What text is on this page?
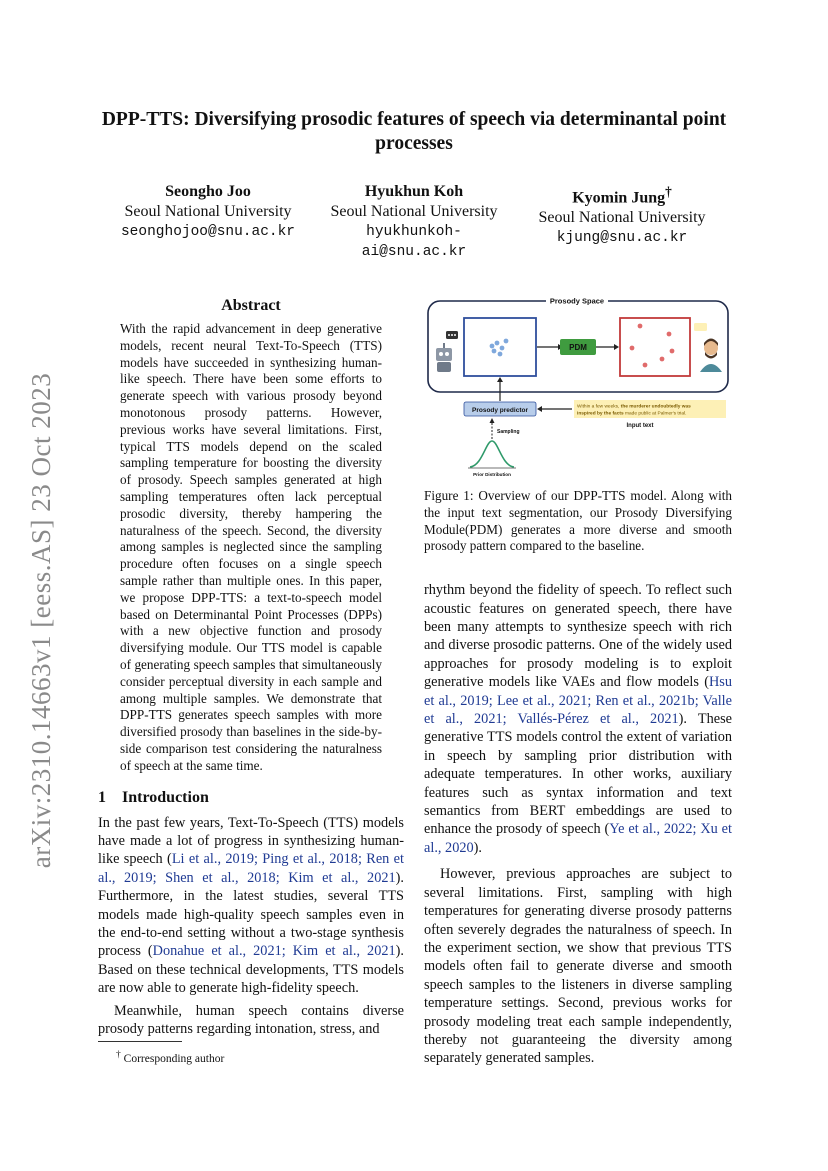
arXiv:2310.14663v1 [eess.AS] 23 Oct 2023
DPP-TTS: Diversifying prosodic features of speech via determinantal point processes
Seongho Joo
Seoul National University
seonghojoo@snu.ac.kr
Hyukhun Koh
Seoul National University
hyukhunkoh-ai@snu.ac.kr
Kyomin Jung†
Seoul National University
kjung@snu.ac.kr
Abstract

With the rapid advancement in deep generative models, recent neural Text-To-Speech (TTS) models have succeeded in synthesizing human-like speech. There have been some efforts to generate speech with various prosody beyond monotonous prosody patterns. However, previous works have several limitations. First, typical TTS models depend on the scaled sampling temperature for boosting the diversity of prosody. Speech samples generated at high sampling temperatures often lack perceptual prosodic diversity, thereby hampering the naturalness of the speech. Second, the diversity among samples is neglected since the sampling procedure often focuses on a single speech sample rather than multiple ones. In this paper, we propose DPP-TTS: a text-to-speech model based on Determinantal Point Processes (DPPs) with a new objective function and prosody diversifying module. Our TTS model is capable of generating speech samples that simultaneously consider perceptual diversity in each sample and among multiple samples. We demonstrate that DPP-TTS generates speech samples with more diversified prosody than baselines in the side-by-side comparison test considering the naturalness of speech at the same time.

1 Introduction

In the past few years, Text-To-Speech (TTS) models have made a lot of progress in synthesizing human-like speech (Li et al., 2019; Ping et al., 2018; Ren et al., 2019; Shen et al., 2018; Kim et al., 2021). Furthermore, in the latest studies, several TTS models made high-quality speech samples even in the end-to-end setting without a two-stage synthesis process (Donahue et al., 2021; Kim et al., 2021). Based on these technical developments, TTS models are now able to generate high-fidelity speech.

Meanwhile, human speech contains diverse prosody patterns regarding intonation, stress, and

† Corresponding author

Prosody Space
PDM
Prosody predictor	Within a few weeks, the murderer undoubtedly was
inspired by the facts made public at Palmer's trial.
Input text
Sampling
Prior Distribution

Figure 1: Overview of our DPP-TTS model. Along with the input text segmentation, our Prosody Diversifying Module(PDM) generates a more diverse and smooth prosody pattern compared to the baseline.

rhythm beyond the fidelity of speech. To reflect such acoustic features on generated speech, there have been many attempts to synthesize speech with rich and diverse prosodic patterns. One of the widely used approaches for prosody modeling is to exploit generative models like VAEs and flow models (Hsu et al., 2019; Lee et al., 2021; Ren et al., 2021b; Valle et al., 2021; Vallés-Pérez et al., 2021). These generative TTS models control the extent of variation in speech by sampling prior distribution with adequate temperatures. In other works, auxiliary features such as syntax information and text semantics from BERT embeddings are used to enhance the prosody of speech (Ye et al., 2022; Xu et al., 2020).

However, previous approaches are subject to several limitations. First, sampling with high temperatures for generating diverse prosody patterns often severely degrades the naturalness of speech. In the experiment section, we show that previous TTS models often fail to generate diverse and smooth speech samples to the listeners in diverse sampling temperature settings. Second, previous works for prosody modeling treat each sample independently, thereby not guaranteeing the diversity among separately generated samples.
